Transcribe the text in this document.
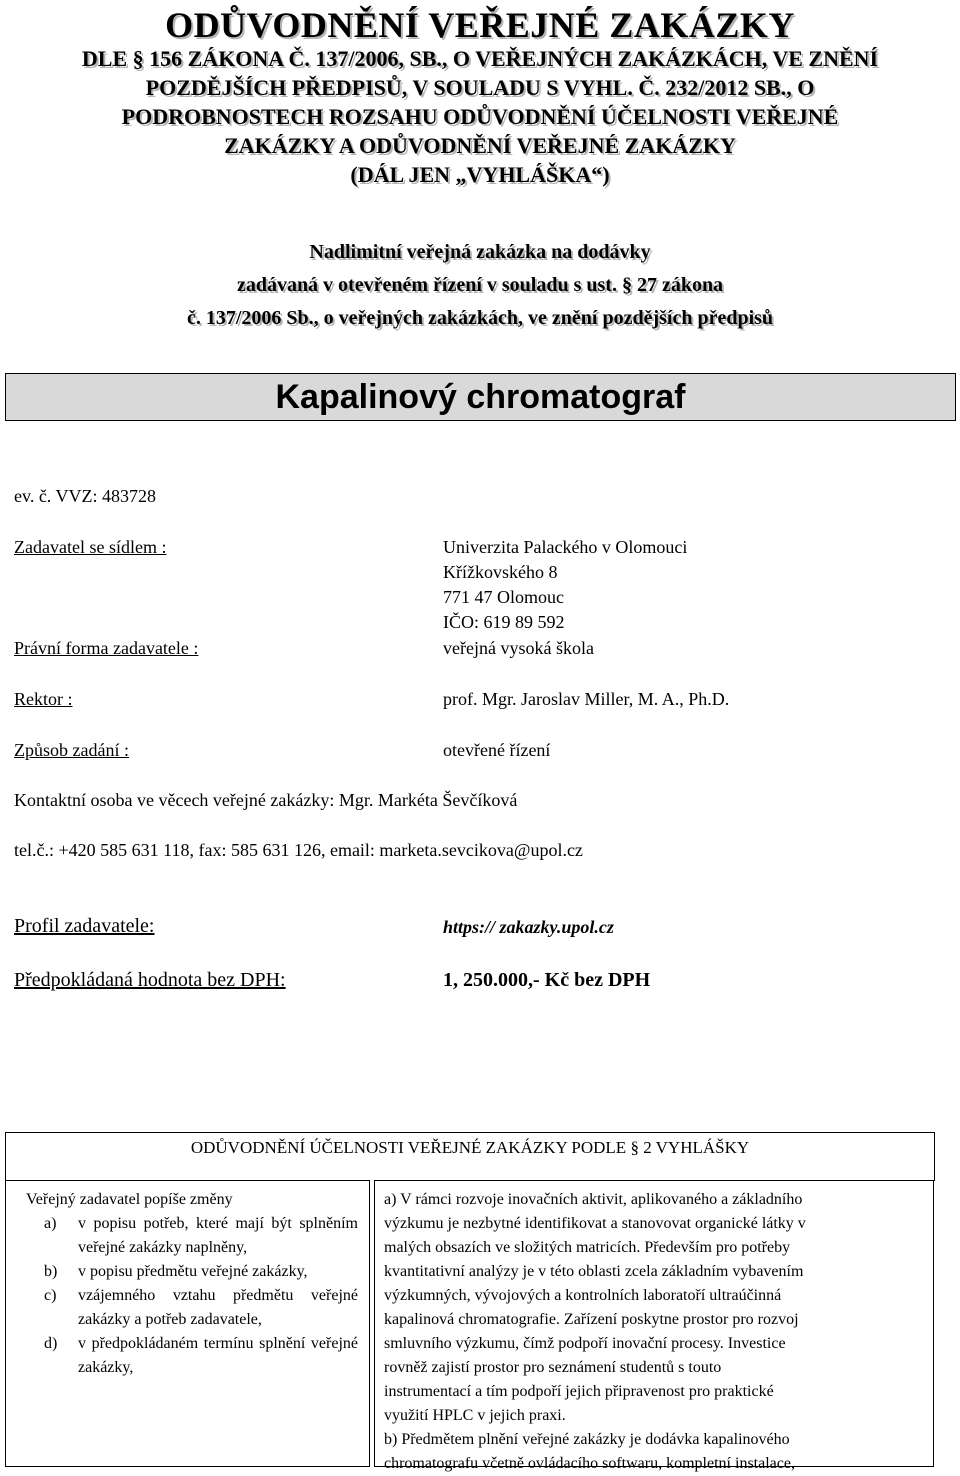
ODŮVODNĚNÍ VEŘEJNÉ ZAKÁZKY
DLE § 156 ZÁKONA Č. 137/2006, SB., O VEŘEJNÝCH ZAKÁZKÁCH, VE ZNĚNÍ
POZDĚJŠÍCH PŘEDPISŮ, V SOULADU S VYHL. Č. 232/2012 SB., O
PODROBNOSTECH ROZSAHU ODŮVODNĚNÍ ÚČELNOSTI VEŘEJNÉ
ZAKÁZKY A ODŮVODNĚNÍ VEŘEJNÉ ZAKÁZKY
(DÁL JEN „VYHLÁŠKA“)
Nadlimitní veřejná zakázka na dodávky
zadávaná v otevřeném řízení v souladu s ust. § 27 zákona
č. 137/2006 Sb., o veřejných zakázkách, ve znění pozdějších předpisů
Kapalinový chromatograf
ev. č. VVZ: 483728
Zadavatel se sídlem :	Univerzita Palackého v Olomouci
Křížkovského 8
771 47 Olomouc
IČO: 619 89 592
Právní forma zadavatele :	veřejná vysoká škola
Rektor :	prof. Mgr. Jaroslav Miller, M. A., Ph.D.
Způsob zadání :	otevřené řízení
Kontaktní osoba ve věcech veřejné zakázky: Mgr. Markéta Ševčíková
tel.č.: +420 585 631 118, fax: 585 631 126, email: marketa.sevcikova@upol.cz
Profil zadavatele:	https:// zakazky.upol.cz
Předpokládaná hodnota bez DPH:	1, 250.000,- Kč bez DPH
ODŮVODNĚNÍ ÚČELNOSTI VEŘEJNÉ ZAKÁZKY PODLE § 2 VYHLÁŠKY
Veřejný zadavatel popíše změny
a)	v popisu potřeb, které mají být splněním veřejné zakázky naplněny,
b)	v popisu předmětu veřejné zakázky,
c)	vzájemného vztahu předmětu veřejné zakázky a potřeb zadavatele,
d)	v předpokládaném termínu splnění veřejné zakázky,
a) V rámci rozvoje inovačních aktivit, aplikovaného a základního
výzkumu je nezbytné identifikovat a stanovovat organické látky v
malých obsazích ve složitých matricích. Především pro potřeby
kvantitativní analýzy je v této oblasti zcela základním vybavením
výzkumných, vývojových a kontrolních laboratoří ultraúčinná
kapalinová chromatografie. Zařízení poskytne prostor pro rozvoj
smluvního výzkumu, čímž podpoří inovační procesy. Investice
rovněž zajistí prostor pro seznámení studentů s touto
instrumentací a tím podpoří jejich připravenost pro praktické
využití HPLC v jejich praxi.
b) Předmětem plnění veřejné zakázky je dodávka kapalinového
chromatografu včetně ovládacího softwaru, kompletní instalace,
